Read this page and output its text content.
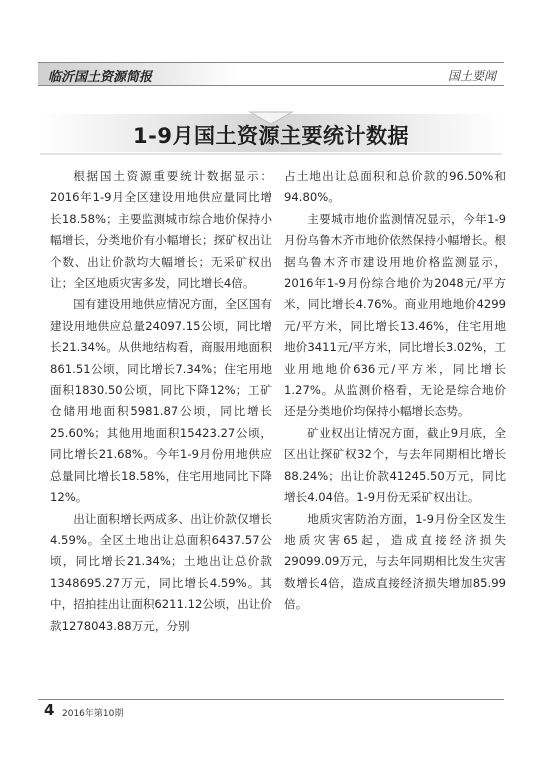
临沂国土资源简报	国土要闻
1-9月国土资源主要统计数据

根据国土资源重要统计数据显示：2016年1-9月全区建设用地供应量同比增长18.58%；主要监测城市综合地价保持小幅增长，分类地价有小幅增长；探矿权出让个数、出让价款均大幅增长；无采矿权出让；全区地质灾害多发，同比增长4倍。

国有建设用地供应情况方面，全区国有建设用地供应总量24097.15公顷，同比增长21.34%。从供地结构看，商服用地面积861.51公顷，同比增长7.34%；住宅用地面积1830.50公顷，同比下降12%；工矿仓储用地面积5981.87公顷，同比增长25.60%；其他用地面积15423.27公顷，同比增长21.68%。今年1-9月份用地供应总量同比增长18.58%，住宅用地同比下降12%。

出让面积增长两成多、出让价款仅增长4.59%。全区土地出让总面积6437.57公顷，同比增长21.34%；土地出让总价款1348695.27万元，同比增长4.59%。其中，招拍挂出让面积6211.12公顷，出让价款1278043.88万元，分别

占土地出让总面积和总价款的96.50%和94.80%。

主要城市地价监测情况显示，今年1-9月份乌鲁木齐市地价依然保持小幅增长。根据乌鲁木齐市建设用地价格监测显示，2016年1-9月份综合地价为2048元/平方米，同比增长4.76%。商业用地地价4299元/平方米，同比增长13.46%，住宅用地地价3411元/平方米，同比增长3.02%，工业用地地价636元/平方米，同比增长1.27%。从监测价格看，无论是综合地价还是分类地价均保持小幅增长态势。

矿业权出让情况方面，截止9月底，全区出让探矿权32个，与去年同期相比增长88.24%；出让价款41245.50万元，同比增长4.04倍。1-9月份无采矿权出让。

地质灾害防治方面，1-9月份全区发生地质灾害65起，造成直接经济损失29099.09万元，与去年同期相比发生灾害数增长4倍，造成直接经济损失增加85.99倍。

4 2016年第10期
